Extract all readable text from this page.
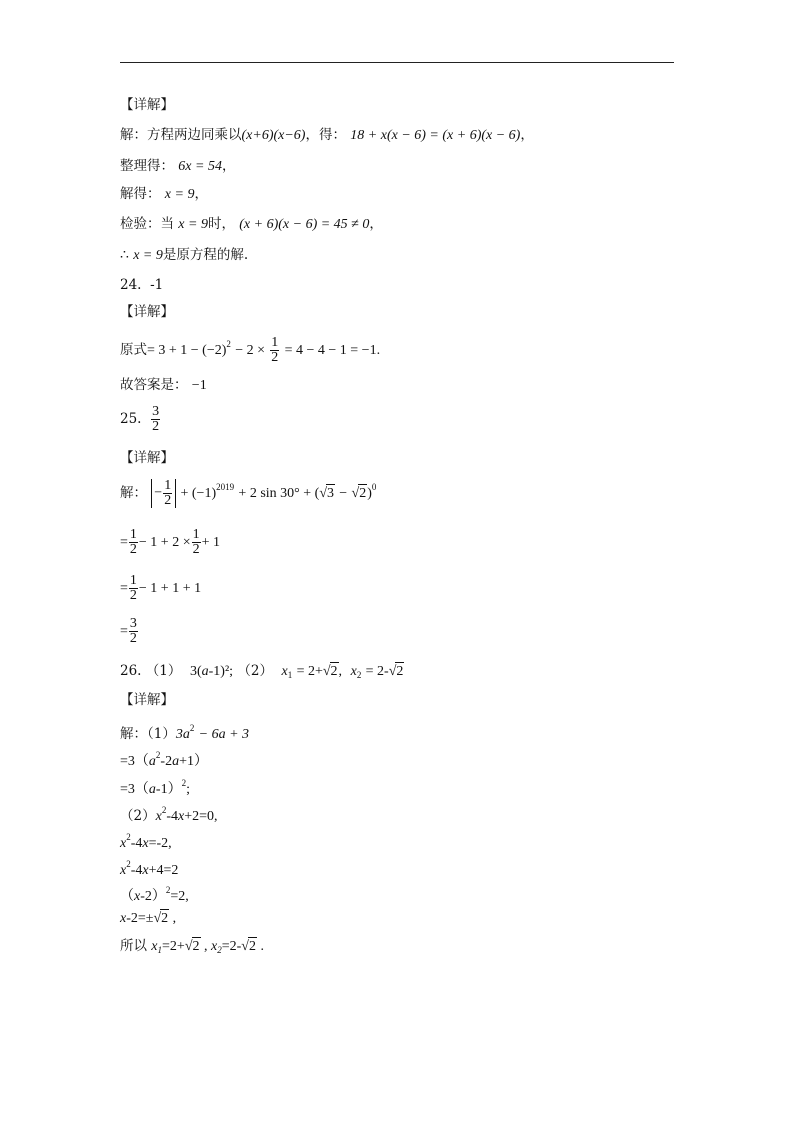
【详解】
解：方程两边同乘以(x+6)(x−6)，得： 18 + x(x − 6) = (x + 6)(x − 6)，
整理得： 6x = 54，
解得： x = 9，
检验：当 x = 9时， (x + 6)(x − 6) = 45 ≠ 0，
∴ x = 9是原方程的解.
24. -1
【详解】
原式= $3 + 1 - (-2)^2 - 2 \times \frac{1}{2} = 4 - 4 - 1 = -1$.
故答案是： −1
25. $\frac{3}{2}$
【详解】
解： − $\frac{1}{2} + (-1)^{2019} + 2$ $\sin 30^\circ + (√3 - √2)^0$
= $\frac{1}{2} - 1 + 2 \times \frac{1}{2} + 1$
= $\frac{1}{2} - 1 + 1 + 1$
= $\frac{3}{2}$
26. （1） 3(a-1)²; （2） $x_1 = 2+√2$, $x_2 = 2-√2$
【详解】
解：$(1)3a^2 - 6a + 3$
$=3(a^2-2a+1)$
$=3(a-1)^2$;
$(2)x^2-4x+2=0$,
$x^2-4x=-2$,
$x^2-4x+4=2$
$(x-2)^2=2$,
x-2=±√2 ,
所以 $x_1=2+√2$ , $x_2=2-√2$ .
